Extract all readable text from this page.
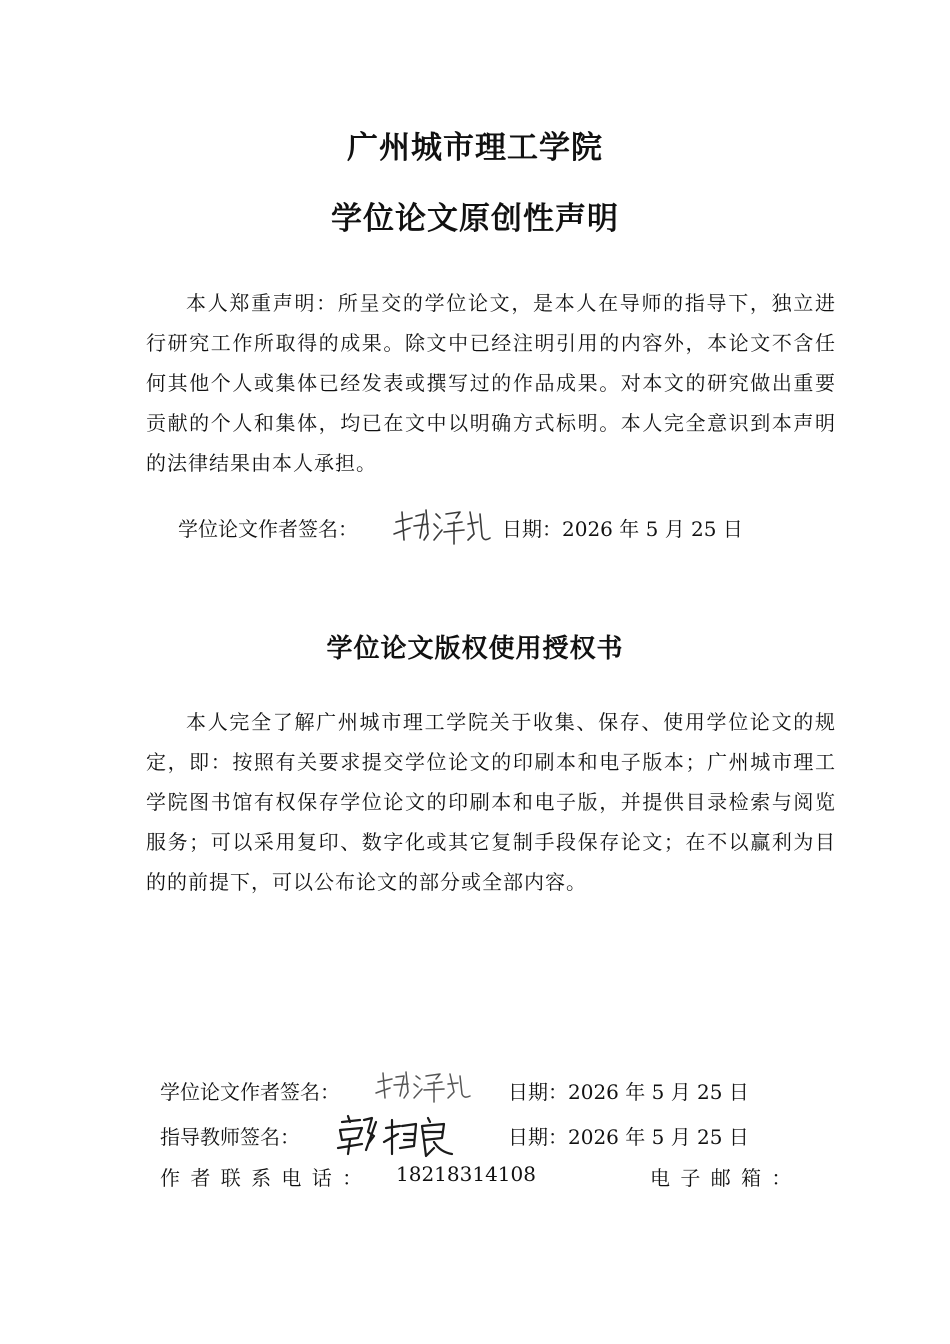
广州城市理工学院
学位论文原创性声明

本人郑重声明：所呈交的学位论文，是本人在导师的指导下，独立进行研究工作所取得的成果。除文中已经注明引用的内容外，本论文不含任何其他个人或集体已经发表或撰写过的作品成果。对本文的研究做出重要贡献的个人和集体，均已在文中以明确方式标明。本人完全意识到本声明的法律结果由本人承担。

学位论文作者签名：	日期：2026 年 5 月 25 日
学位论文版权使用授权书

本人完全了解广州城市理工学院关于收集、保存、使用学位论文的规定，即：按照有关要求提交学位论文的印刷本和电子版本；广州城市理工学院图书馆有权保存学位论文的印刷本和电子版，并提供目录检索与阅览服务；可以采用复印、数字化或其它复制手段保存论文；在不以赢利为目的的前提下，可以公布论文的部分或全部内容。

学位论文作者签名：	日期：2026 年 5 月 25 日
指导教师签名：	日期：2026 年 5 月 25 日
作 者 联 系 电 话 ： 18218314108	电 子 邮 箱 ：
